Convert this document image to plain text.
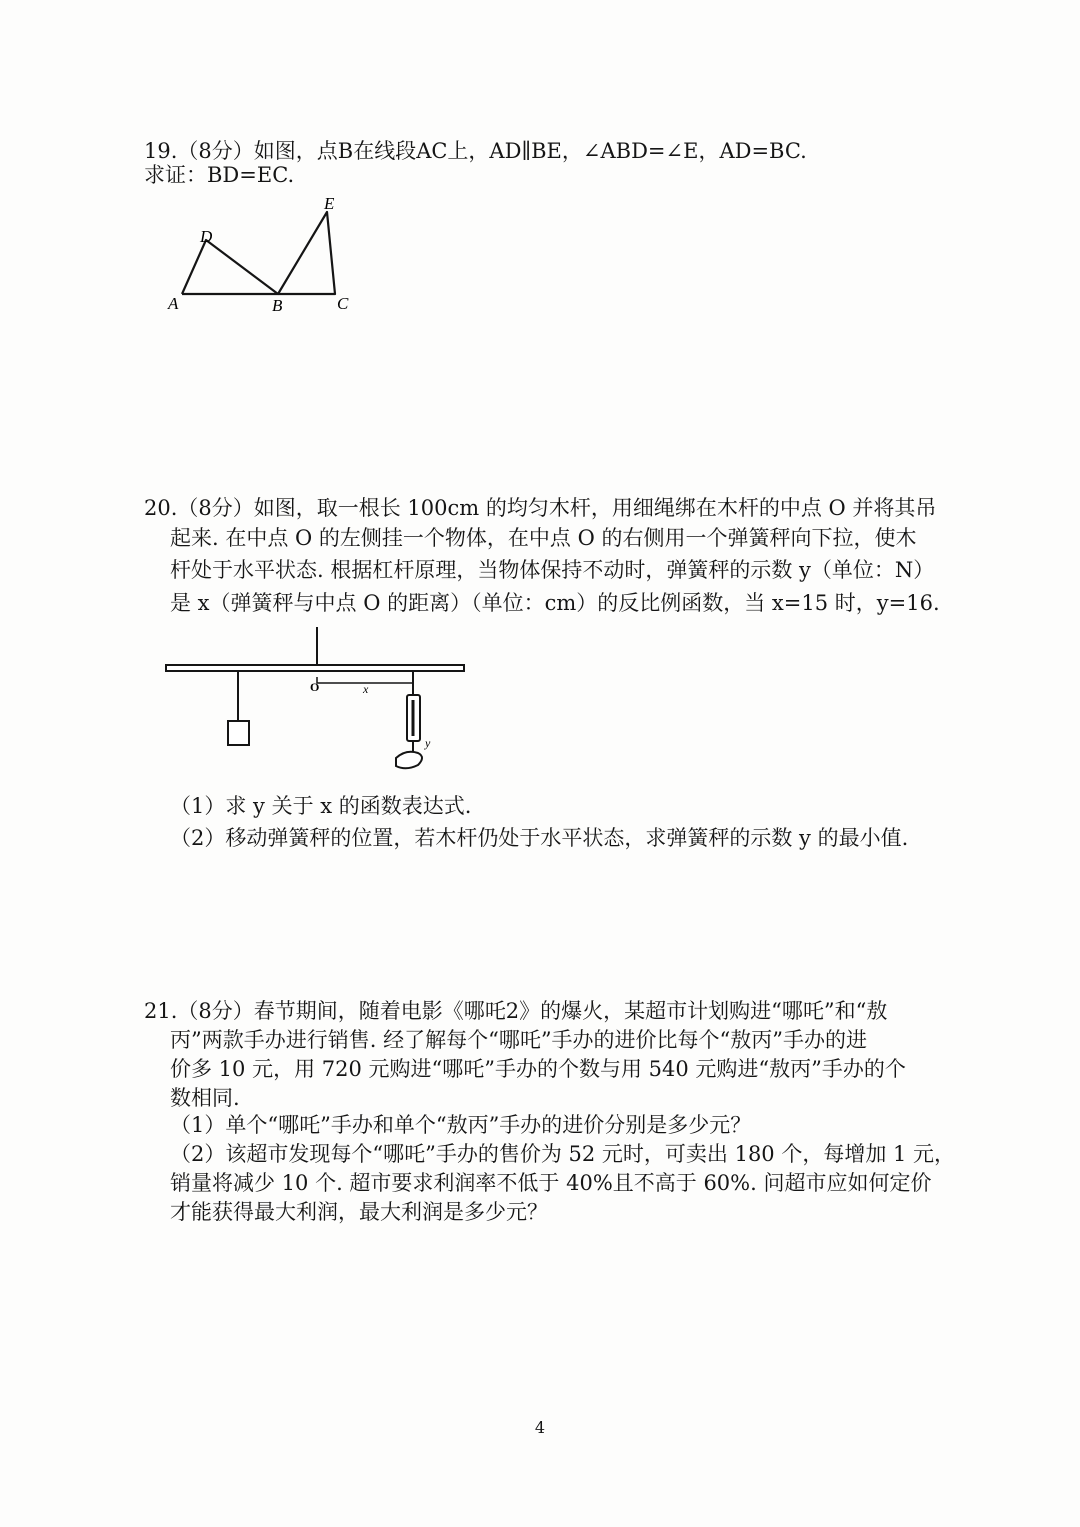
19.（8分）如图，点B在线段AC上，AD∥BE，∠ABD=∠E，AD=BC.
求证：BD=EC.
A	B	C
D
E
20.（8分）如图，取一根长 100cm 的均匀木杆，用细绳绑在木杆的中点 O 并将其吊
起来. 在中点 O 的左侧挂一个物体，在中点 O 的右侧用一个弹簧秤向下拉，使木
杆处于水平状态. 根据杠杆原理，当物体保持不动时，弹簧秤的示数 y（单位：N）
是 x（弹簧秤与中点 O 的距离）（单位：cm）的反比例函数，当 x=15 时，y=16.
O	x
y
（1）求 y 关于 x 的函数表达式.
（2）移动弹簧秤的位置，若木杆仍处于水平状态，求弹簧秤的示数 y 的最小值.
21.（8分）春节期间，随着电影《哪吒2》的爆火，某超市计划购进“哪吒”和“敖
丙”两款手办进行销售. 经了解每个“哪吒”手办的进价比每个“敖丙”手办的进
价多 10 元，用 720 元购进“哪吒”手办的个数与用 540 元购进“敖丙”手办的个
数相同.
（1）单个“哪吒”手办和单个“敖丙”手办的进价分别是多少元？
（2）该超市发现每个“哪吒”手办的售价为 52 元时，可卖出 180 个，每增加 1 元，
销量将减少 10 个. 超市要求利润率不低于 40%且不高于 60%. 问超市应如何定价
才能获得最大利润，最大利润是多少元？
4
